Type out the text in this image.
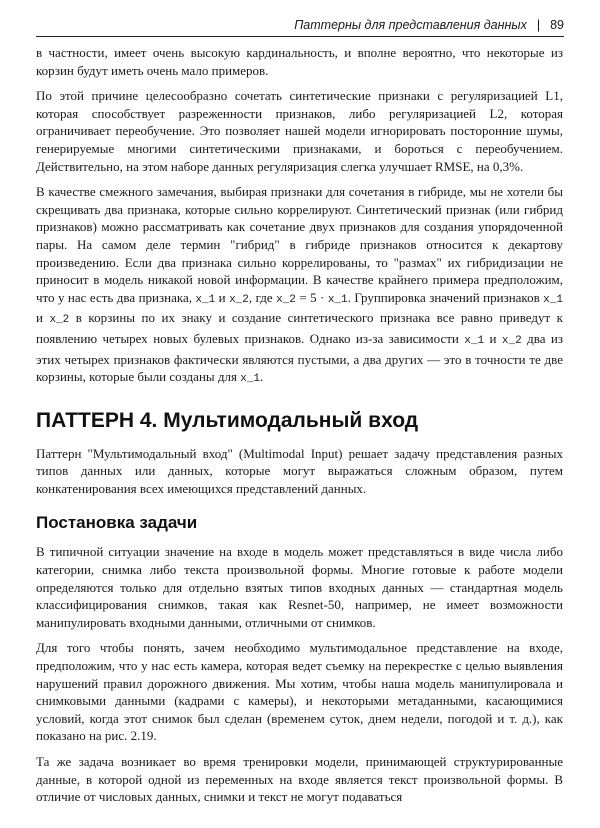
Паттерны для представления данных | 89

в частности, имеет очень высокую кардинальность, и вполне вероятно, что некоторые из корзин будут иметь очень мало примеров.

По этой причине целесообразно сочетать синтетические признаки с регуляризацией L1, которая способствует разреженности признаков, либо регуляризацией L2, которая ограничивает переобучение. Это позволяет нашей модели игнорировать посторонние шумы, генерируемые многими синтетическими признаками, и бороться с переобучением. Действительно, на этом наборе данных регуляризация слегка улучшает RMSE, на 0,3%.

В качестве смежного замечания, выбирая признаки для сочетания в гибриде, мы не хотели бы скрещивать два признака, которые сильно коррелируют. Синтетический признак (или гибрид признаков) можно рассматривать как сочетание двух признаков для создания упорядоченной пары. На самом деле термин "гибрид" в гибриде признаков относится к декартову произведению. Если два признака сильно коррелированы, то "размах" их гибридизации не приносит в модель никакой новой информации. В качестве крайнего примера предположим, что у нас есть два признака, x_1 и x_2, где x_2 = 5 · x_1. Группировка значений признаков x_1 и x_2 в корзины по их знаку и создание синтетического признака все равно приведут к появлению четырех новых булевых признаков. Однако из-за зависимости x_1 и x_2 два из этих четырех признаков фактически являются пустыми, а два других — это в точности те две корзины, которые были созданы для x_1.

ПАТТЕРН 4. Мультимодальный вход

Паттерн "Мультимодальный вход" (Multimodal Input) решает задачу представления разных типов данных или данных, которые могут выражаться сложным образом, путем конкатенирования всех имеющихся представлений данных.

Постановка задачи

В типичной ситуации значение на входе в модель может представляться в виде числа либо категории, снимка либо текста произвольной формы. Многие готовые к работе модели определяются только для отдельно взятых типов входных данных — стандартная модель классифицирования снимков, такая как Resnet-50, например, не имеет возможности манипулировать входными данными, отличными от снимков.

Для того чтобы понять, зачем необходимо мультимодальное представление на входе, предположим, что у нас есть камера, которая ведет съемку на перекрестке с целью выявления нарушений правил дорожного движения. Мы хотим, чтобы наша модель манипулировала и снимковыми данными (кадрами с камеры), и некоторыми метаданными, касающимися условий, когда этот снимок был сделан (временем суток, днем недели, погодой и т. д.), как показано на рис. 2.19.

Та же задача возникает во время тренировки модели, принимающей структурированные данные, в которой одной из переменных на входе является текст произвольной формы. В отличие от числовых данных, снимки и текст не могут подаваться
